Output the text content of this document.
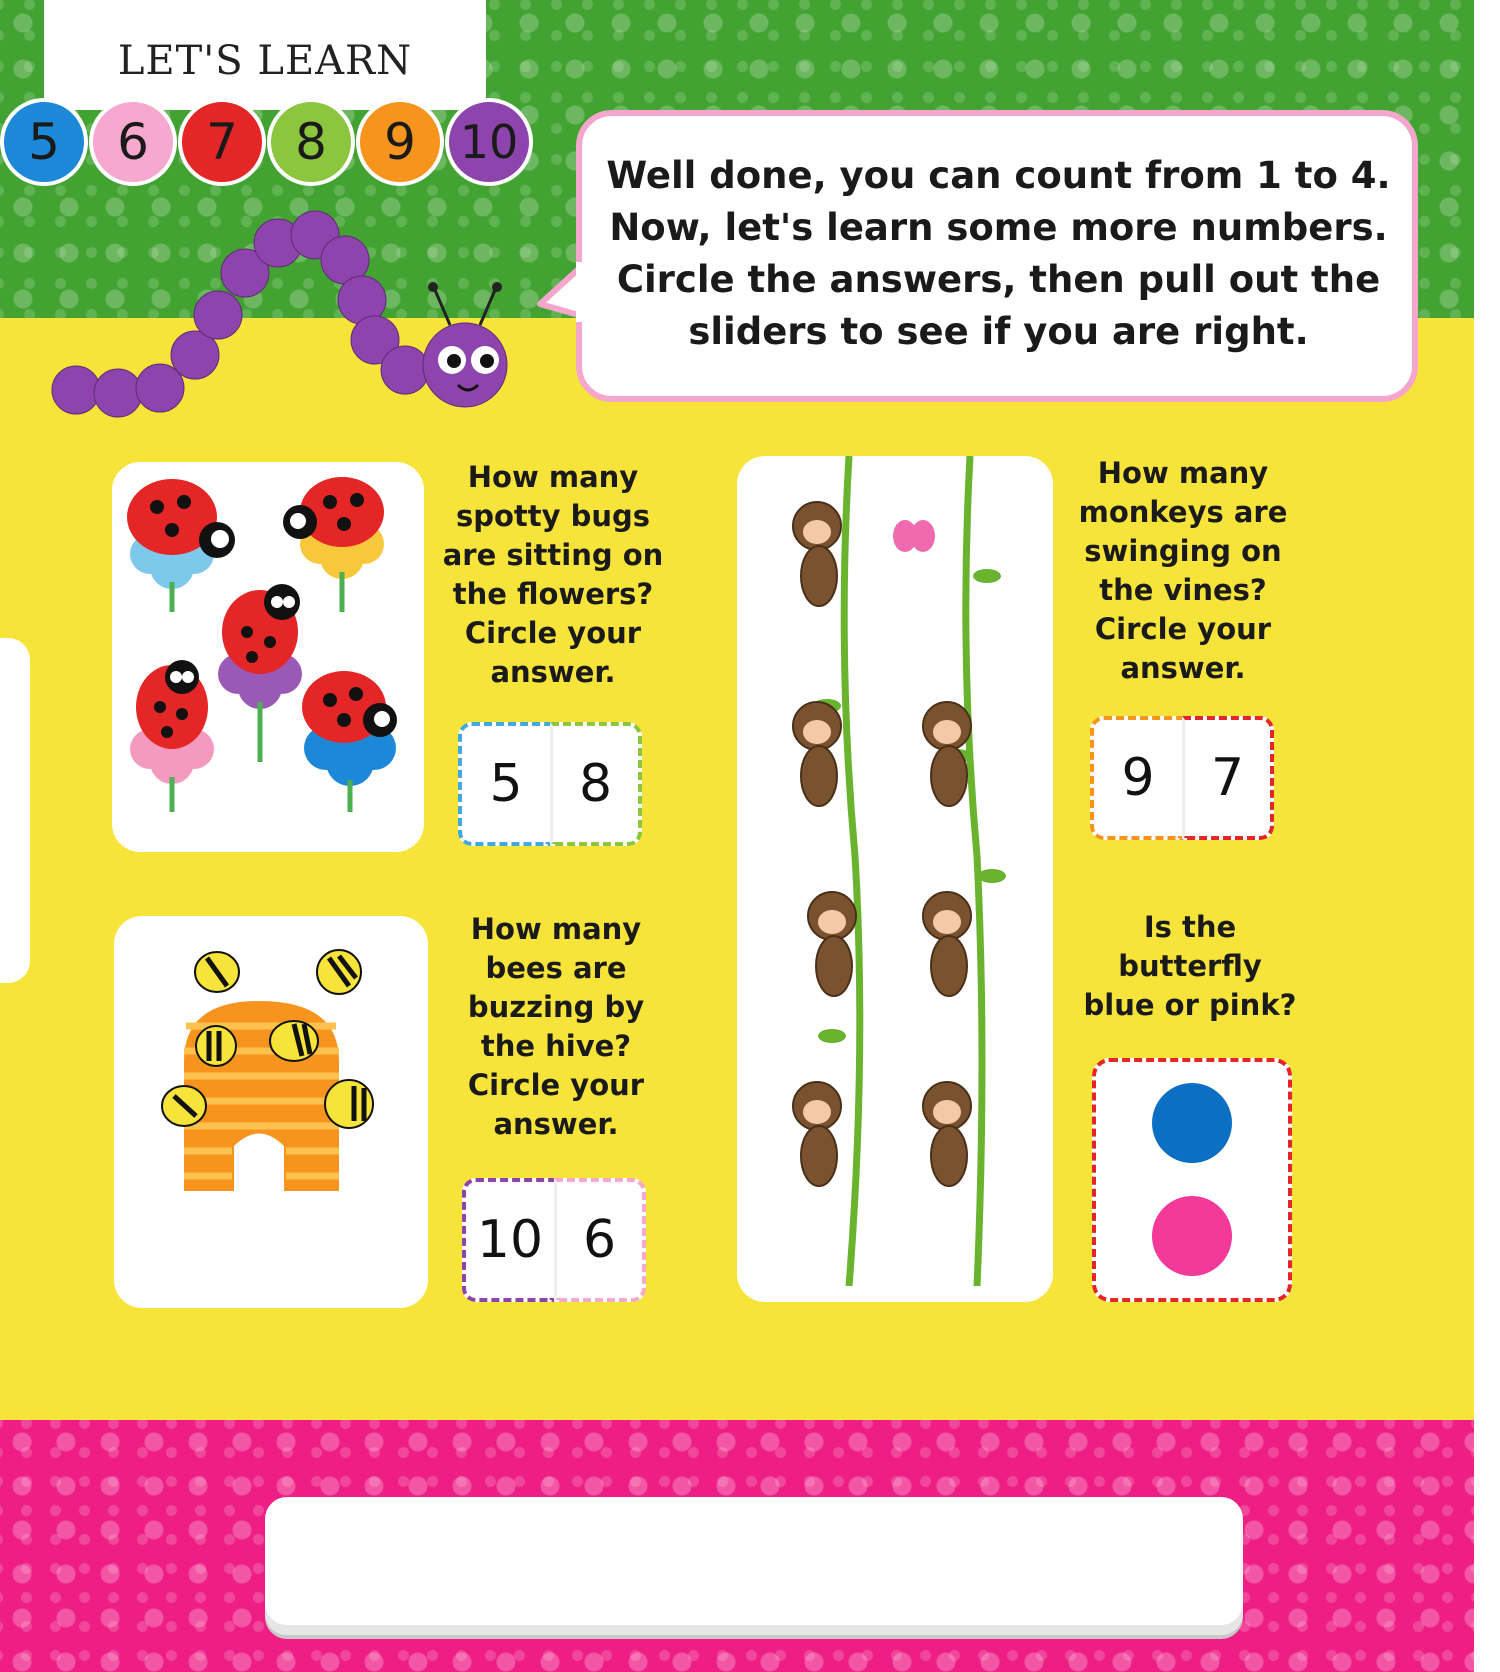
LET'S LEARN
5	6	7	8	9 10
Well done, you can count from 1 to 4.
Now, let's learn some more numbers.
Circle the answers, then pull out the
sliders to see if you are right.
How many
spotty bugs
are sitting on
the flowers?
Circle your
answer.
5	8
How many
bees are
buzzing by
the hive?
Circle your
answer.
10 6
How many
monkeys are
swinging on
the vines?
Circle your
answer.
9	7
Is the
butterfly
blue or pink?
